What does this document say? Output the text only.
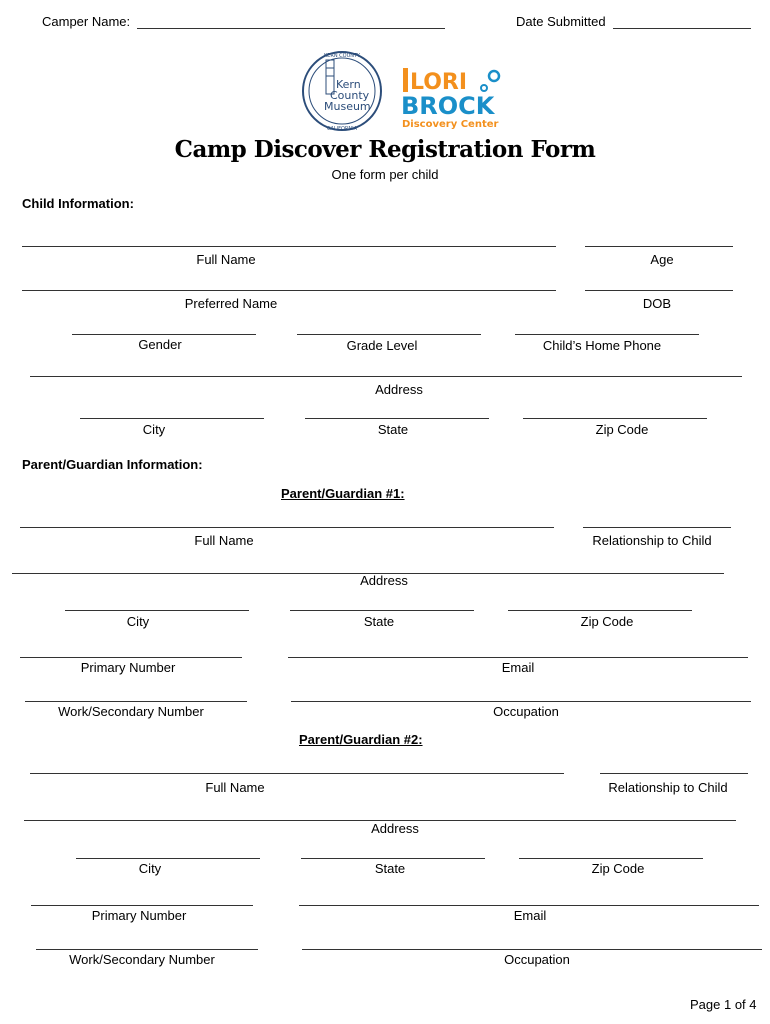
Camper Name:	Date Submitted
KERN COUNTY
CALIFORNIA
Kern
County
Museum
LORI
BROCK
Discovery Center
Camp Discover Registration Form
One form per child
Child Information:
Full Name	Age
Preferred Name	DOB
Gender	Grade Level	Child’s Home Phone
Address
City	State	Zip Code
Parent/Guardian Information:
Parent/Guardian #1:
Full Name	Relationship to Child
Address
City	State	Zip Code
Primary Number	Email
Work/Secondary Number	Occupation
Parent/Guardian #2:
Full Name	Relationship to Child
Address
City	State	Zip Code
Primary Number	Email
Work/Secondary Number	Occupation
Page 1 of 4
